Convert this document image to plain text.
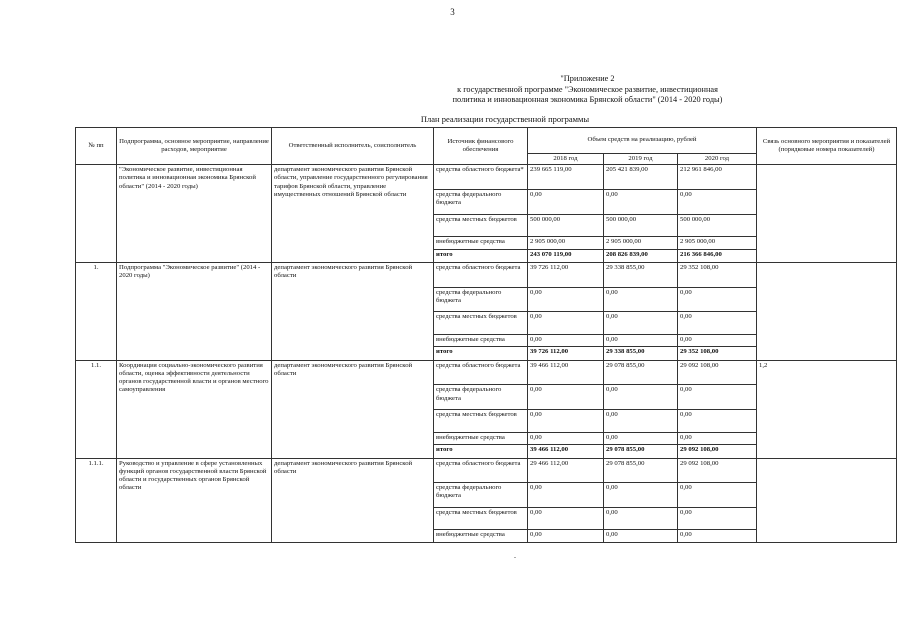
3
"Приложение 2
к государственной программе "Экономическое развитие, инвестиционная
политика и инновационная экономика Брянской области" (2014 - 2020 годы)
План реализации государственной программы
№ пп	Подпрограмма, основное мероприятие, направление расходов, мероприятие	Ответственный исполнитель, соисполнитель	Источник финансового обеспечения	Объем средств на реализацию, рублей			Связь основного мероприятия и показателей (порядковые номера показателей)
				2018 год	2019 год	2020 год	
	"Экономическое развитие, инвестиционная политика и инновационная экономика Брянской области" (2014 - 2020 годы)	департамент экономического развития Брянской области, управление государственного регулирования тарифов Брянской области, управление имущественных отношений Брянской области	средства областного бюджета*	239 665 119,00	205 421 839,00	212 961 846,00	
			средства федерального бюджета	0,00	0,00	0,00	
			средства местных бюджетов	500 000,00	500 000,00	500 000,00	
			внебюджетные средства	2 905 000,00	2 905 000,00	2 905 000,00	
			итого	243 070 119,00	208 826 839,00	216 366 846,00	
1.	Подпрограмма "Экономическое развитие" (2014 - 2020 годы)	департамент экономического развития Брянской области	средства областного бюджета	39 726 112,00	29 338 855,00	29 352 108,00	
			средства федерального бюджета	0,00	0,00	0,00	
			средства местных бюджетов	0,00	0,00	0,00	
			внебюджетные средства	0,00	0,00	0,00	
			итого	39 726 112,00	29 338 855,00	29 352 108,00	
1.1.	Координация социально-экономического развития области, оценка эффективности деятельности органов государственной власти и органов местного самоуправления	департамент экономического развития Брянской области	средства областного бюджета	39 466 112,00	29 078 855,00	29 092 108,00	1,2
			средства федерального бюджета	0,00	0,00	0,00	
			средства местных бюджетов	0,00	0,00	0,00	
			внебюджетные средства	0,00	0,00	0,00	
			итого	39 466 112,00	29 078 855,00	29 092 108,00	
1.1.1.	Руководство и управление в сфере установленных функций органов государственной власти Брянской области и государственных органов Брянской области	департамент экономического развития Брянской области	средства областного бюджета	29 466 112,00	29 078 855,00	29 092 108,00	
			средства федерального бюджета	0,00	0,00	0,00	
			средства местных бюджетов	0,00	0,00	0,00	
			внебюджетные средства	0,00	0,00	0,00	
-
